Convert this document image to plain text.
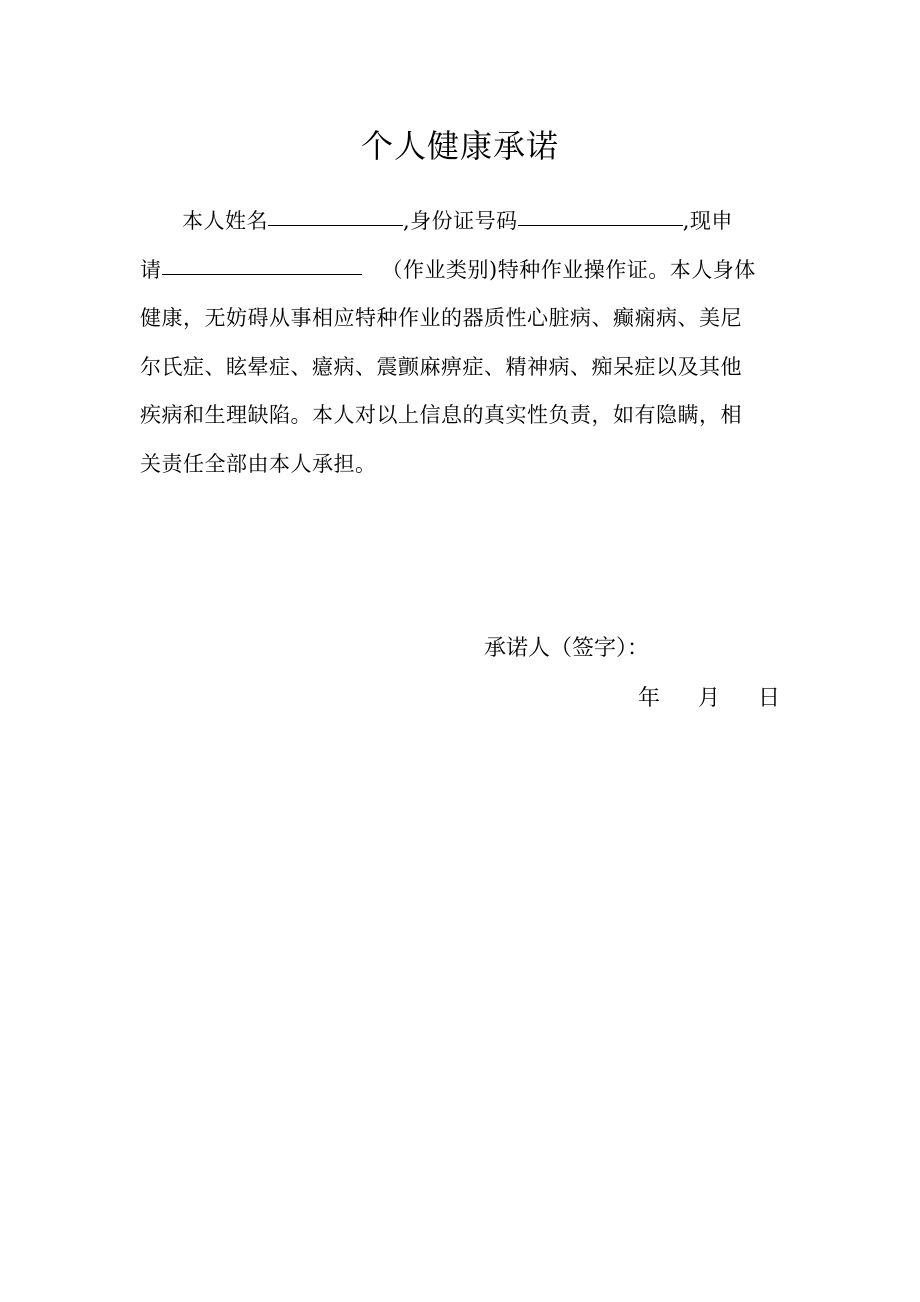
个人健康承诺
本人姓名	,身份证号码	,现申
请	（作业类别)特种作业操作证。本人身体
健康，无妨碍从事相应特种作业的器质性心脏病、癫痫病、美尼
尔氏症、眩晕症、癔病、震颤麻痹症、精神病、痴呆症以及其他
疾病和生理缺陷。本人对以上信息的真实性负责，如有隐瞒，相
关责任全部由本人承担。
承诺人（签字）：
年 月 日
